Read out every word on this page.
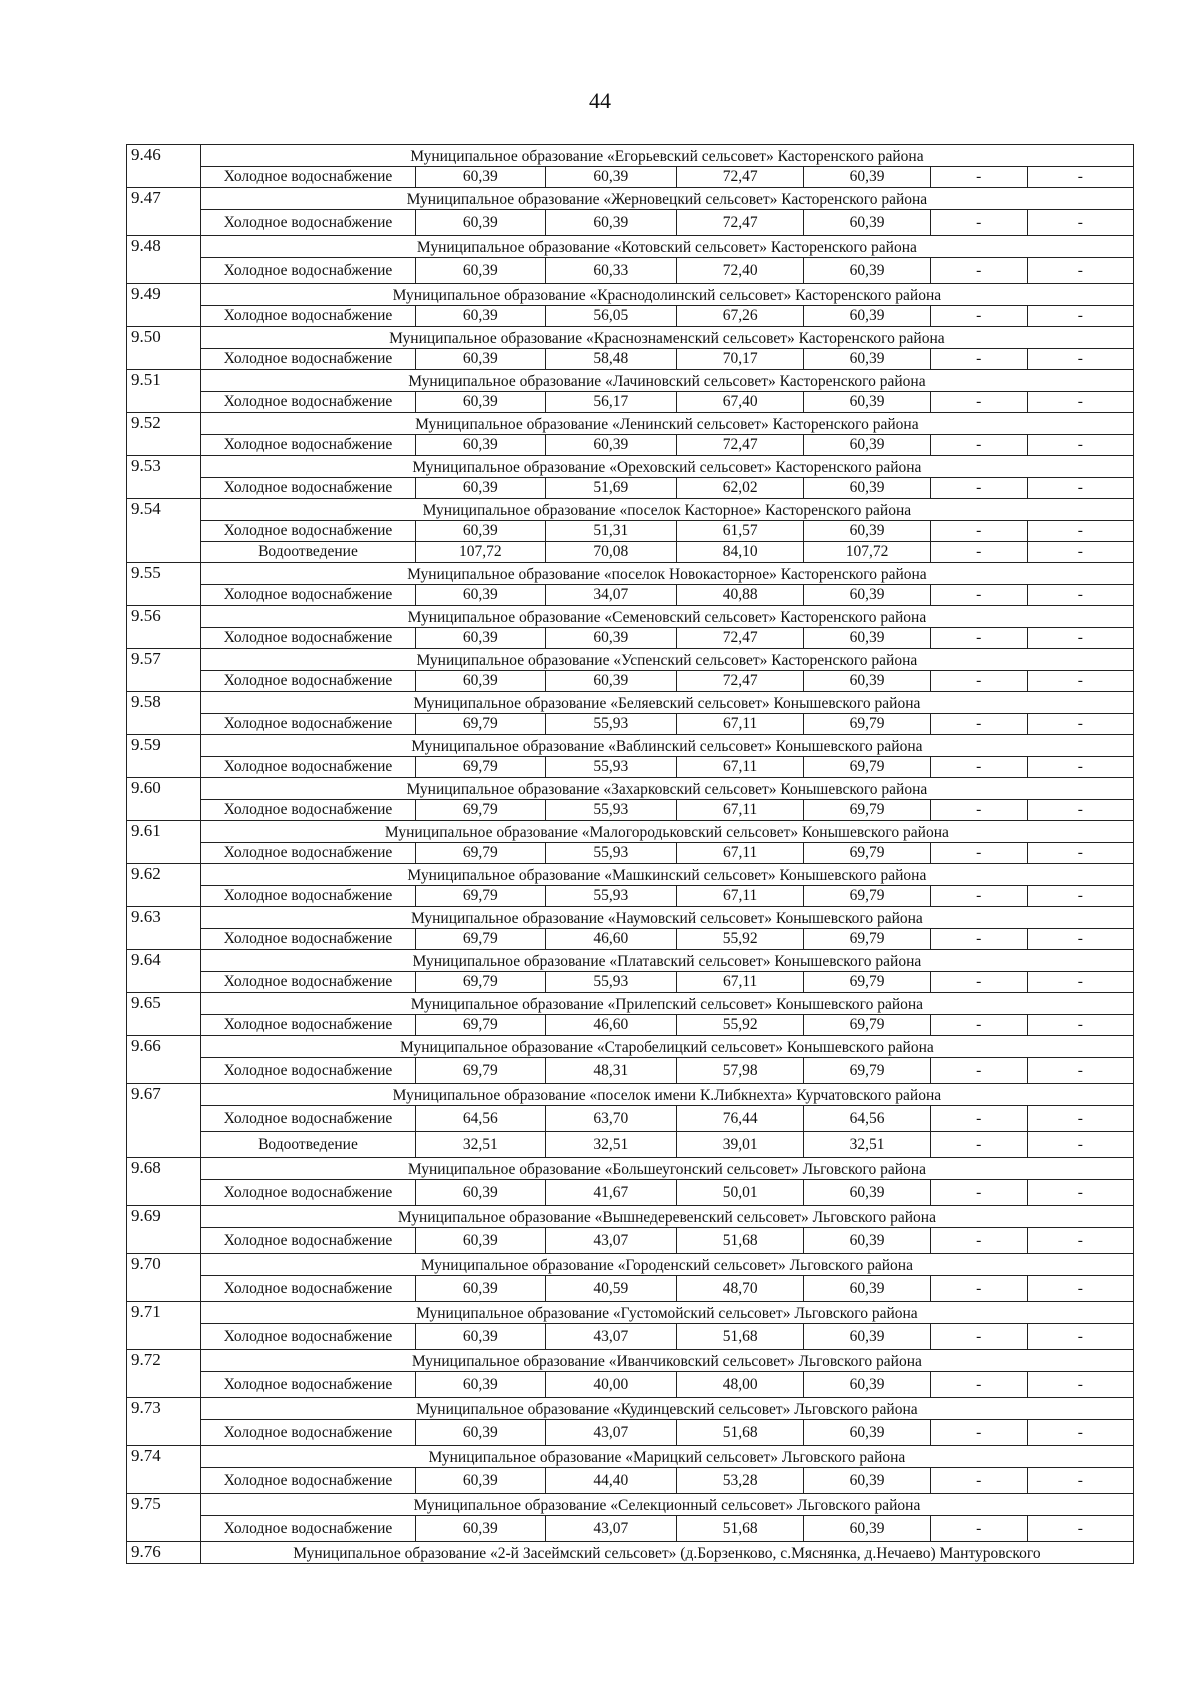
44
9.46	Муниципальное образование «Егорьевский сельсовет» Касторенского района						
	Холодное водоснабжение	60,39	60,39	72,47	60,39	-	-
9.47	Муниципальное образование «Жерновецкий сельсовет» Касторенского района						
	Холодное водоснабжение	60,39	60,39	72,47	60,39	-	-
9.48	Муниципальное образование «Котовский сельсовет» Касторенского района						
	Холодное водоснабжение	60,39	60,33	72,40	60,39	-	-
9.49	Муниципальное образование «Краснодолинский сельсовет» Касторенского района						
	Холодное водоснабжение	60,39	56,05	67,26	60,39	-	-
9.50	Муниципальное образование «Краснознаменский сельсовет» Касторенского района						
	Холодное водоснабжение	60,39	58,48	70,17	60,39	-	-
9.51	Муниципальное образование «Лачиновский сельсовет» Касторенского района						
	Холодное водоснабжение	60,39	56,17	67,40	60,39	-	-
9.52	Муниципальное образование «Ленинский сельсовет» Касторенского района						
	Холодное водоснабжение	60,39	60,39	72,47	60,39	-	-
9.53	Муниципальное образование «Ореховский сельсовет» Касторенского района						
	Холодное водоснабжение	60,39	51,69	62,02	60,39	-	-
9.54	Муниципальное образование «поселок Касторное» Касторенского района						
	Холодное водоснабжение	60,39	51,31	61,57	60,39	-	-
	Водоотведение	107,72	70,08	84,10	107,72	-	-
9.55	Муниципальное образование «поселок Новокасторное» Касторенского района						
	Холодное водоснабжение	60,39	34,07	40,88	60,39	-	-
9.56	Муниципальное образование «Семеновский сельсовет» Касторенского района						
	Холодное водоснабжение	60,39	60,39	72,47	60,39	-	-
9.57	Муниципальное образование «Успенский сельсовет» Касторенского района						
	Холодное водоснабжение	60,39	60,39	72,47	60,39	-	-
9.58	Муниципальное образование «Беляевский сельсовет» Конышевского района						
	Холодное водоснабжение	69,79	55,93	67,11	69,79	-	-
9.59	Муниципальное образование «Ваблинский сельсовет» Конышевского района						
	Холодное водоснабжение	69,79	55,93	67,11	69,79	-	-
9.60	Муниципальное образование «Захарковский сельсовет» Конышевского района						
	Холодное водоснабжение	69,79	55,93	67,11	69,79	-	-
9.61	Муниципальное образование «Малогородьковский сельсовет» Конышевского района						
	Холодное водоснабжение	69,79	55,93	67,11	69,79	-	-
9.62	Муниципальное образование «Машкинский сельсовет» Конышевского района						
	Холодное водоснабжение	69,79	55,93	67,11	69,79	-	-
9.63	Муниципальное образование «Наумовский сельсовет» Конышевского района						
	Холодное водоснабжение	69,79	46,60	55,92	69,79	-	-
9.64	Муниципальное образование «Платавский сельсовет» Конышевского района						
	Холодное водоснабжение	69,79	55,93	67,11	69,79	-	-
9.65	Муниципальное образование «Прилепский сельсовет» Конышевского района						
	Холодное водоснабжение	69,79	46,60	55,92	69,79	-	-
9.66	Муниципальное образование «Старобелицкий сельсовет» Конышевского района						
	Холодное водоснабжение	69,79	48,31	57,98	69,79	-	-
9.67	Муниципальное образование «поселок имени К.Либкнехта» Курчатовского района						
	Холодное водоснабжение	64,56	63,70	76,44	64,56	-	-
	Водоотведение	32,51	32,51	39,01	32,51	-	-
9.68	Муниципальное образование «Большеугонский сельсовет» Льговского района						
	Холодное водоснабжение	60,39	41,67	50,01	60,39	-	-
9.69	Муниципальное образование «Вышнедеревенский сельсовет» Льговского района						
	Холодное водоснабжение	60,39	43,07	51,68	60,39	-	-
9.70	Муниципальное образование «Городенский сельсовет» Льговского района						
	Холодное водоснабжение	60,39	40,59	48,70	60,39	-	-
9.71	Муниципальное образование «Густомойский сельсовет» Льговского района						
	Холодное водоснабжение	60,39	43,07	51,68	60,39	-	-
9.72	Муниципальное образование «Иванчиковский сельсовет» Льговского района						
	Холодное водоснабжение	60,39	40,00	48,00	60,39	-	-
9.73	Муниципальное образование «Кудинцевский сельсовет» Льговского района						
	Холодное водоснабжение	60,39	43,07	51,68	60,39	-	-
9.74	Муниципальное образование «Марицкий сельсовет» Льговского района						
	Холодное водоснабжение	60,39	44,40	53,28	60,39	-	-
9.75	Муниципальное образование «Селекционный сельсовет» Льговского района						
	Холодное водоснабжение	60,39	43,07	51,68	60,39	-	-
9.76	Муниципальное образование «2-й Засеймский сельсовет» (д.Борзенково, с.Мяснянка, д.Нечаево) Мантуровского						
